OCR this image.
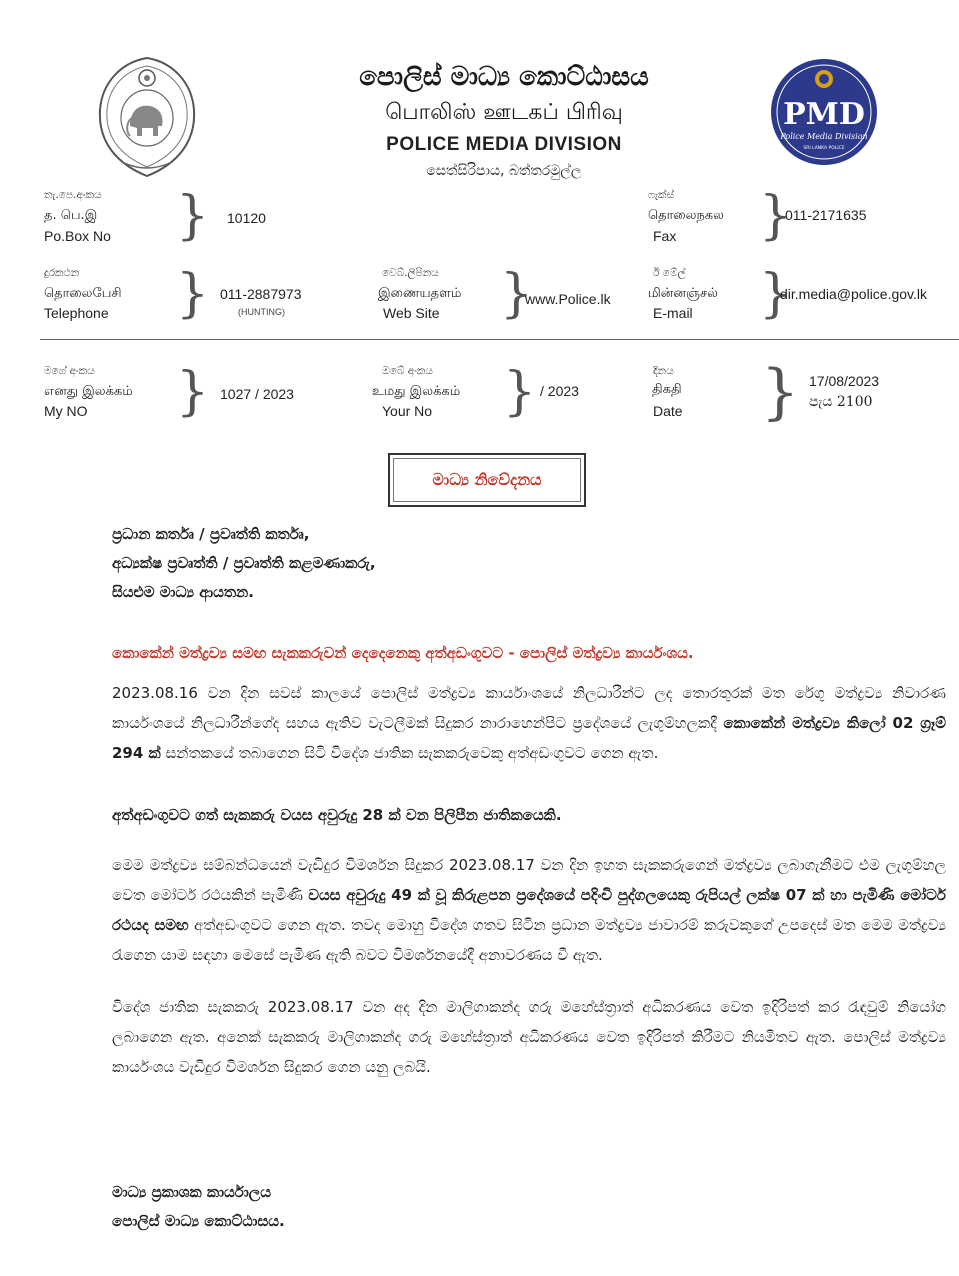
PMD
Police Media Division
SRI LANKA POLICE
පොලිස් මාධ්‍ය කොට්ඨාසය
பொலிஸ் ஊடகப் பிரிவு
POLICE MEDIA DIVISION
සෙත්සිරිපාය, බත්තරමුල්ල
තැ.පෙ.අංකය
த. பெ.இ
Po.Box No } 10120
ෆැක්ස්
தொலைநகல
Fax }
011-2171635
දුරකථන
தொலைபேசி
Telephone } 011-2887973
(HUNTING)
වෙබ්.ලිපිනය
இணையதளம்
Web Site }
www.Police.lk
ඊ මේල්
மின்னஞ்சல்
E-mail }
dir.media@police.gov.lk
මගේ අංකය
எனது இலக்கம்
My NO } 1027 / 2023
ඔබේ අංකය
உமது இலக்கம்
Your No } / 2023
දිනය
திகதி
Date } 17/08/2023
පැය 2100
මාධ්‍ය නිවේදනය
ප්‍රධාන කර්තෘ / ප්‍රවෘත්ති කර්තෘ,
අධ්‍යක්ෂ ප්‍රවෘත්ති / ප්‍රවෘත්ති කළමණාකරු,
සියළුම මාධ්‍ය ආයතන.
කොකේන් මත්ද්‍රව්‍ය සමඟ සැකකරුවන් දෙදෙනෙකු අත්අඩංගුවට - පොලිස් මත්ද්‍රව්‍ය කාර්යංශය.
2023.08.16 වන දින සවස් කාලයේ පොලිස් මත්ද්‍රව්‍ය කාර්යාංශයේ නිලධාරීන්ට ලද තොරතුරක් මත රේගු මත්ද්‍රව්‍ය නිවාරණ කාර්යංශයේ නිලධාරීන්ගේද සහය ඇතිව වැටලීමක් සිදුකර නාරාහෙන්පිට ප්‍රදේශයේ ලැගුම්හලකදී කොකේන් මත්ද්‍රව්‍ය කිලෝ 02 ග්‍රෑම් 294 ක් සන්තකයේ තබාගෙන සිටි විදේශ ජාතික සැකකරුවෙකු අත්අඩංගුවට ගෙන ඇත.
අත්අඩංගුවට ගත් සැකකරු වයස අවුරුදු 28 ක් වන පිලිපීන ජාතිකයෙකි.
මෙම මත්ද්‍රව්‍ය සම්බන්ධයෙන් වැඩිදුර විමර්ශන සිදුකර 2023.08.17 වන දින ඉහත සැකකරුගෙන් මත්ද්‍රව්‍ය ලබාගැනීමට එම ලැගුම්හල වෙත මෝටර් රථයකින් පැමිණි වයස අවුරුදු 49 ක් වූ කිරුළපන ප්‍රදේශයේ පදිංචි පුද්ගලයෙකු රුපියල් ලක්ෂ 07 ක් හා පැමිණි මෝටර් රථයද සමඟ අත්අඩංගුවට ගෙන ඇත. තවද මොහු විදේශ ගතව සිටින ප්‍රධාන මත්ද්‍රව්‍ය ජාවාරම් කරුවකුගේ උපදෙස් මත මෙම මත්ද්‍රව්‍ය රැගෙන යාම සඳහා මෙසේ පැමිණ ඇති බවට විමර්ශනයේදී අනාවරණය වී ඇත.
විදේශ ජාතික සැකකරු 2023.08.17 වන අද දින මාලිගාකන්ද ගරු මහේස්ත්‍රාත් අධිකරණය වෙත ඉදිරිපත් කර රැඳවුම් නියෝග ලබාගෙන ඇත. අනෙක් සැකකරු මාලිගාකන්ද ගරු මහේස්ත්‍රාත් අධිකරණය වෙත ඉදිරිපත් කිරීමට නියමිතව ඇත. පොලිස් මත්ද්‍රව්‍ය කාර්යංශය වැඩිදුර විමර්ශන සිදුකර ගෙන යනු ලබයි.
මාධ්‍ය ප්‍රකාශක කාර්යාලය
පොලිස් මාධ්‍ය කොට්ඨාසය.
